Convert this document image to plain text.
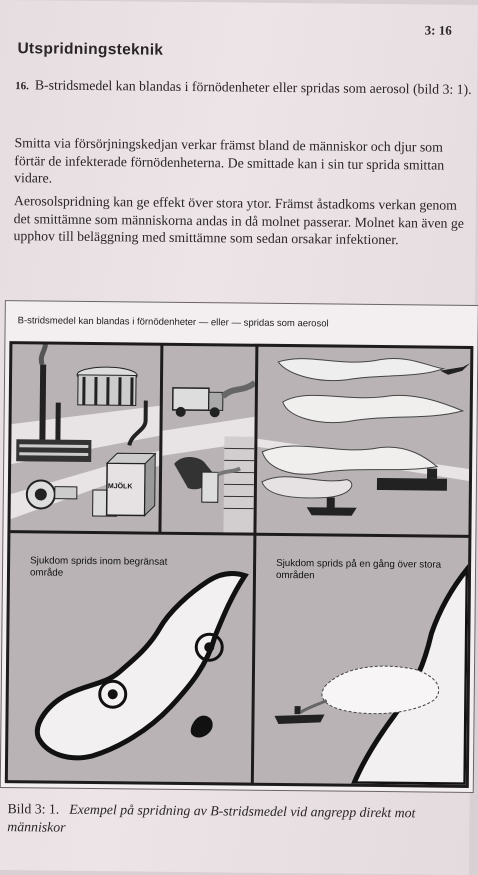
3: 16
Utspridningsteknik

16. B-stridsmedel kan blandas i förnödenheter eller spridas som aerosol (bild 3: 1).

Smitta via försörjningskedjan verkar främst bland de människor och djur som förtär de infekterade förnödenheterna. De smittade kan i sin tur sprida smittan vidare.

Aerosolspridning kan ge effekt över stora ytor. Främst åstadkoms verkan genom det smittämne som människorna andas in då molnet passerar. Molnet kan även ge upphov till beläggning med smittämne som sedan orsakar infektioner.

B-stridsmedel kan blandas i förnödenheter — eller — spridas som aerosol
MJÖLK
Sjukdom sprids inom begränsat område
Sjukdom sprids på en gång över stora områden
Bild 3: 1. Exempel på spridning av B-stridsmedel vid angrepp direkt mot människor
